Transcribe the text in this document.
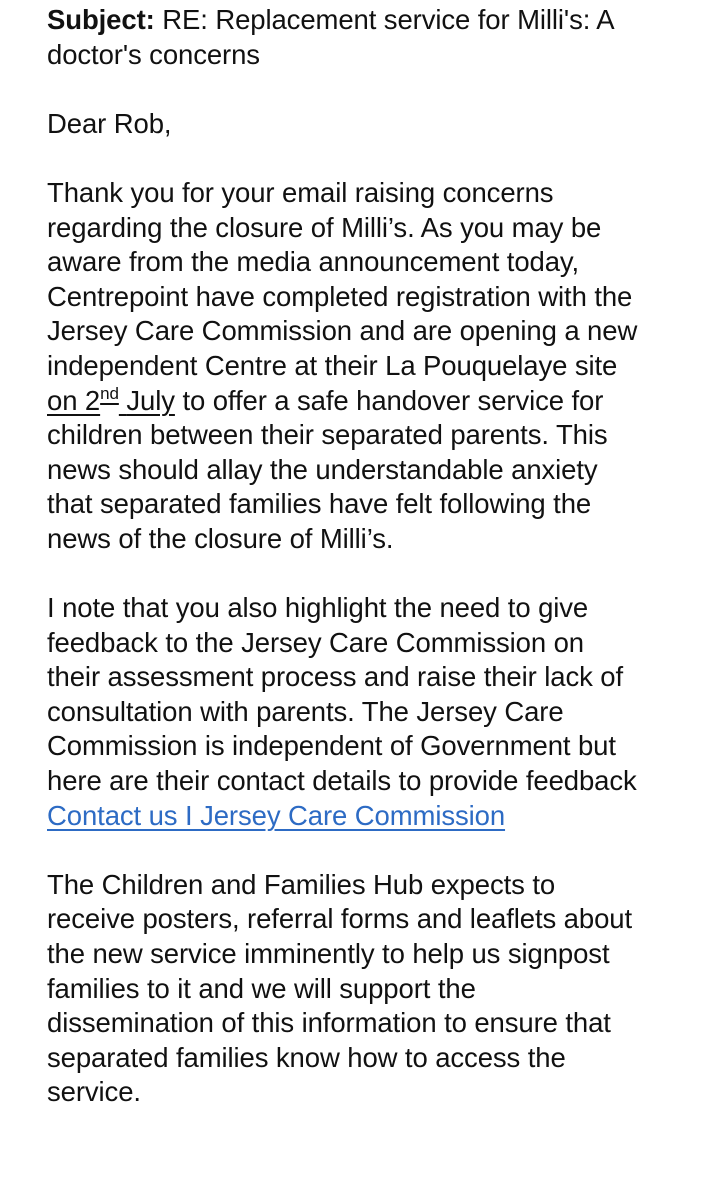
Subject: RE: Replacement service for Milli's: A
doctor's concerns
Dear Rob,
Thank you for your email raising concerns
regarding the closure of Milli’s. As you may be
aware from the media announcement today,
Centrepoint have completed registration with the
Jersey Care Commission and are opening a new
independent Centre at their La Pouquelaye site
on 2nd July to offer a safe handover service for
children between their separated parents. This
news should allay the understandable anxiety
that separated families have felt following the
news of the closure of Milli’s.
I note that you also highlight the need to give
feedback to the Jersey Care Commission on
their assessment process and raise their lack of
consultation with parents. The Jersey Care
Commission is independent of Government but
here are their contact details to provide feedback
Contact us I Jersey Care Commission
The Children and Families Hub expects to
receive posters, referral forms and leaflets about
the new service imminently to help us signpost
families to it and we will support the
dissemination of this information to ensure that
separated families know how to access the
service.
